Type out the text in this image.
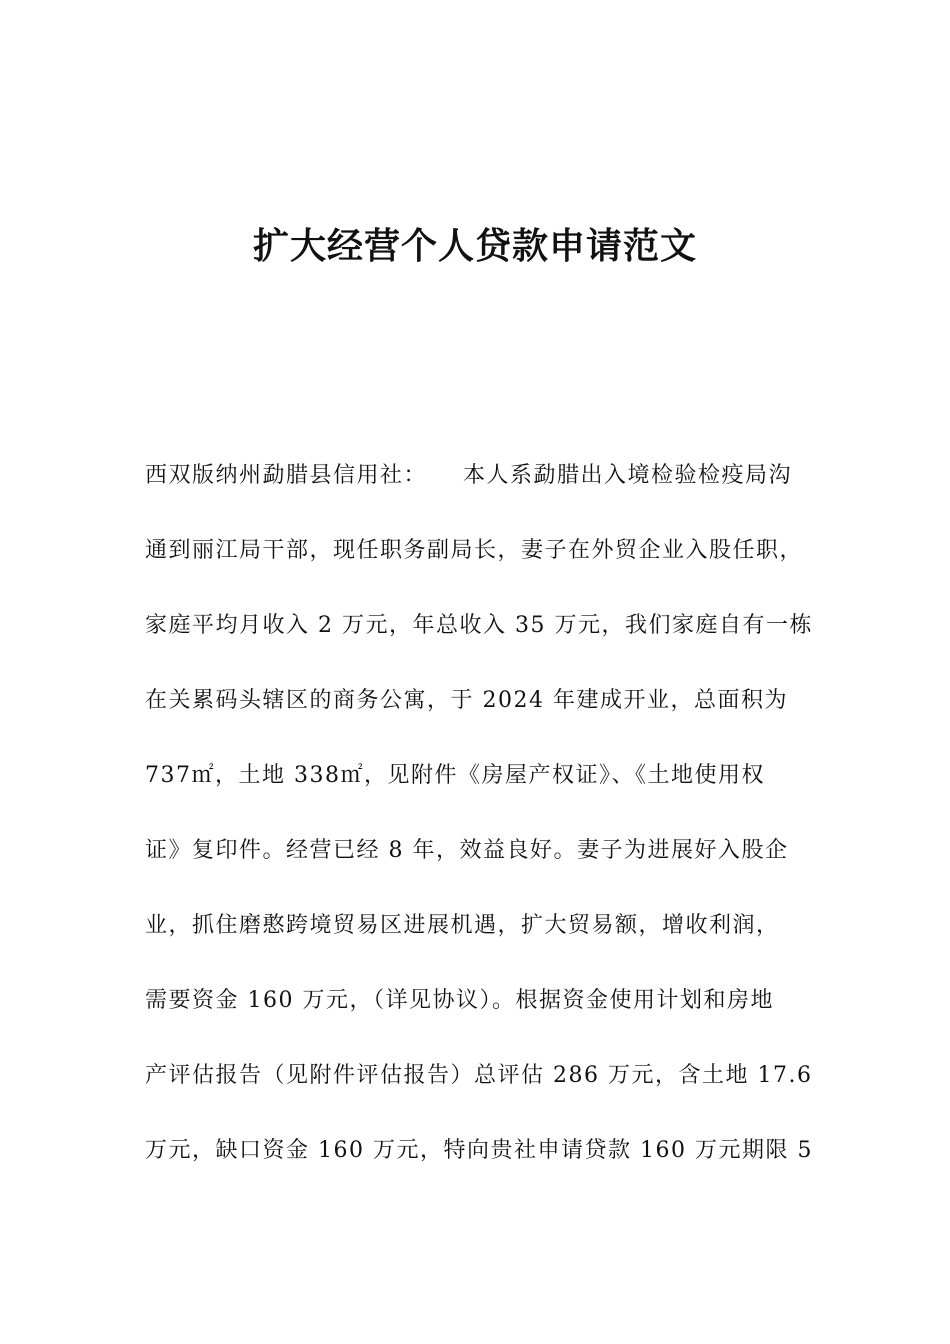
扩大经营个人贷款申请范文
西双版纳州勐腊县信用社：　　本人系勐腊出入境检验检疫局沟
通到丽江局干部，现任职务副局长，妻子在外贸企业入股任职，
家庭平均月收入 2 万元，年总收入 35 万元，我们家庭自有一栋
在关累码头辖区的商务公寓，于 2024 年建成开业，总面积为
737㎡，土地 338㎡，见附件《房屋产权证》、《土地使用权
证》复印件。经营已经 8 年，效益良好。妻子为进展好入股企
业，抓住磨憨跨境贸易区进展机遇，扩大贸易额，增收利润，
需要资金 160 万元，（详见协议）。根据资金使用计划和房地
产评估报告（见附件评估报告）总评估 286 万元，含土地 17.6
万元，缺口资金 160 万元，特向贵社申请贷款 160 万元期限 5
